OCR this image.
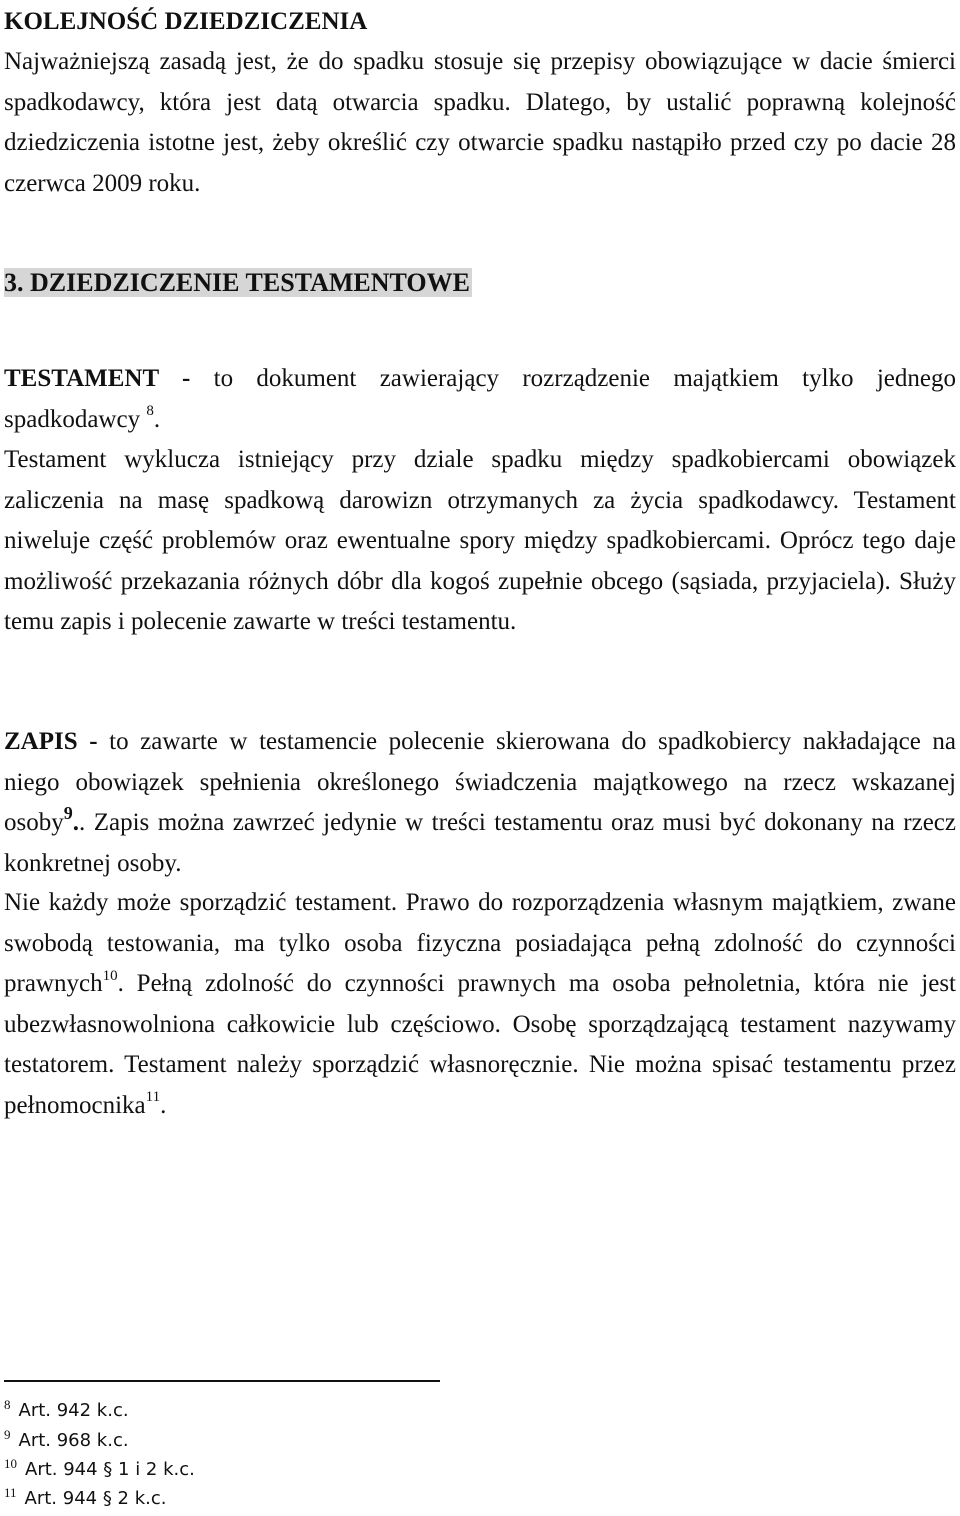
KOLEJNOŚĆ DZIEDZICZENIA

Najważniejszą zasadą jest, że do spadku stosuje się przepisy obowiązujące w dacie śmierci spadkodawcy, która jest datą otwarcia spadku. Dlatego, by ustalić poprawną kolejność dziedziczenia istotne jest, żeby określić czy otwarcie spadku nastąpiło przed czy po dacie 28 czerwca 2009 roku.

3. DZIEDZICZENIE TESTAMENTOWE

TESTAMENT - to dokument zawierający rozrządzenie majątkiem tylko jednego spadkodawcy $^8$.

Testament wyklucza istniejący przy dziale spadku między spadkobiercami obowiązek zaliczenia na masę spadkową darowizn otrzymanych za życia spadkodawcy. Testament niweluje część problemów oraz ewentualne spory między spadkobiercami. Oprócz tego daje możliwość przekazania różnych dóbr dla kogoś zupełnie obcego (sąsiada, przyjaciela). Służy temu zapis i polecenie zawarte w treści testamentu.

ZAPIS - to zawarte w testamencie polecenie skierowana do spadkobiercy nakładające na niego obowiązek spełnienia określonego świadczenia majątkowego na rzecz wskazanej osoby$^9$.. Zapis można zawrzeć jedynie w treści testamentu oraz musi być dokonany na rzecz konkretnej osoby.

Nie każdy może sporządzić testament. Prawo do rozporządzenia własnym majątkiem, zwane swobodą testowania, ma tylko osoba fizyczna posiadająca pełną zdolność do czynności prawnych$^{10}$. Pełną zdolność do czynności prawnych ma osoba pełnoletnia, która nie jest ubezwłasnowolniona całkowicie lub częściowo. Osobę sporządzającą testament nazywamy testatorem. Testament należy sporządzić własnoręcznie. Nie można spisać testamentu przez pełnomocnika$^{11}$.

$^8$ Art. 942 k.c.
$^9$ Art. 968 k.c.
$^{10}$ Art. 944 § 1 i 2 k.c.
$^{11}$ Art. 944 § 2 k.c.
